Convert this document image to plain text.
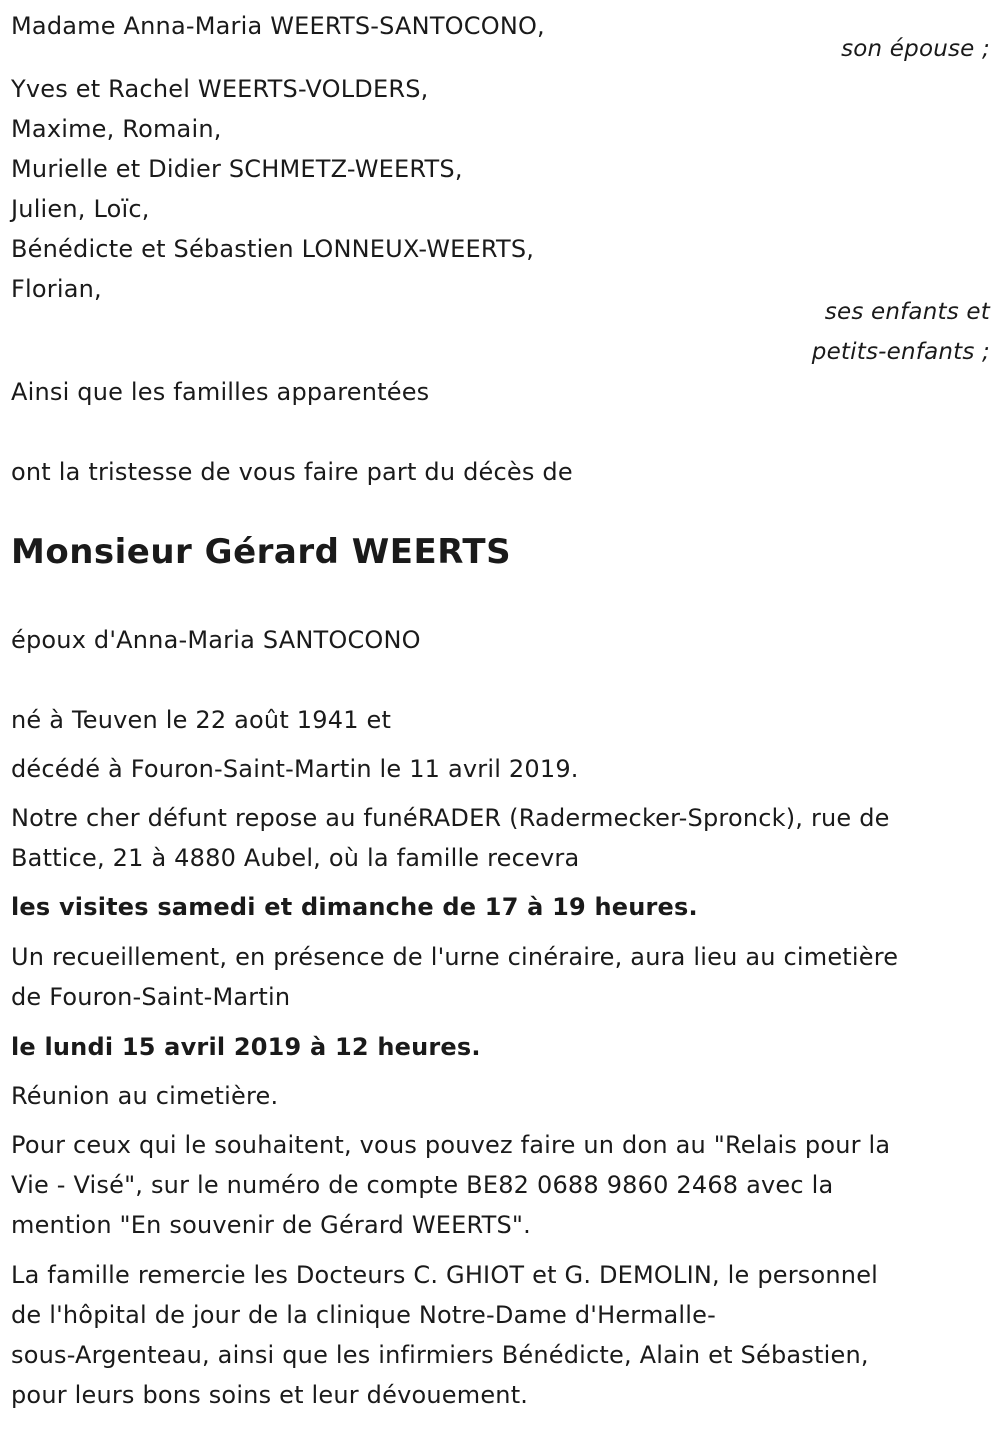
Madame Anna-Maria WEERTS-SANTOCONO,
son épouse ;
Yves et Rachel WEERTS-VOLDERS,
Maxime, Romain,
Murielle et Didier SCHMETZ-WEERTS,
Julien, Loïc,
Bénédicte et Sébastien LONNEUX-WEERTS,
Florian,
ses enfants et
petits-enfants ;
Ainsi que les familles apparentées
ont la tristesse de vous faire part du décès de
Monsieur Gérard WEERTS
époux d'Anna-Maria SANTOCONO
né à Teuven le 22 août 1941 et
décédé à Fouron-Saint-Martin le 11 avril 2019.
Notre cher défunt repose au funéRADER (Radermecker-Spronck), rue de
Battice, 21 à 4880 Aubel, où la famille recevra
les visites samedi et dimanche de 17 à 19 heures.
Un recueillement, en présence de l'urne cinéraire, aura lieu au cimetière
de Fouron-Saint-Martin
le lundi 15 avril 2019 à 12 heures.
Réunion au cimetière.
Pour ceux qui le souhaitent, vous pouvez faire un don au "Relais pour la
Vie - Visé", sur le numéro de compte BE82 0688 9860 2468 avec la
mention "En souvenir de Gérard WEERTS".
La famille remercie les Docteurs C. GHIOT et G. DEMOLIN, le personnel
de l'hôpital de jour de la clinique Notre-Dame d'Hermalle-
sous-Argenteau, ainsi que les infirmiers Bénédicte, Alain et Sébastien,
pour leurs bons soins et leur dévouement.
